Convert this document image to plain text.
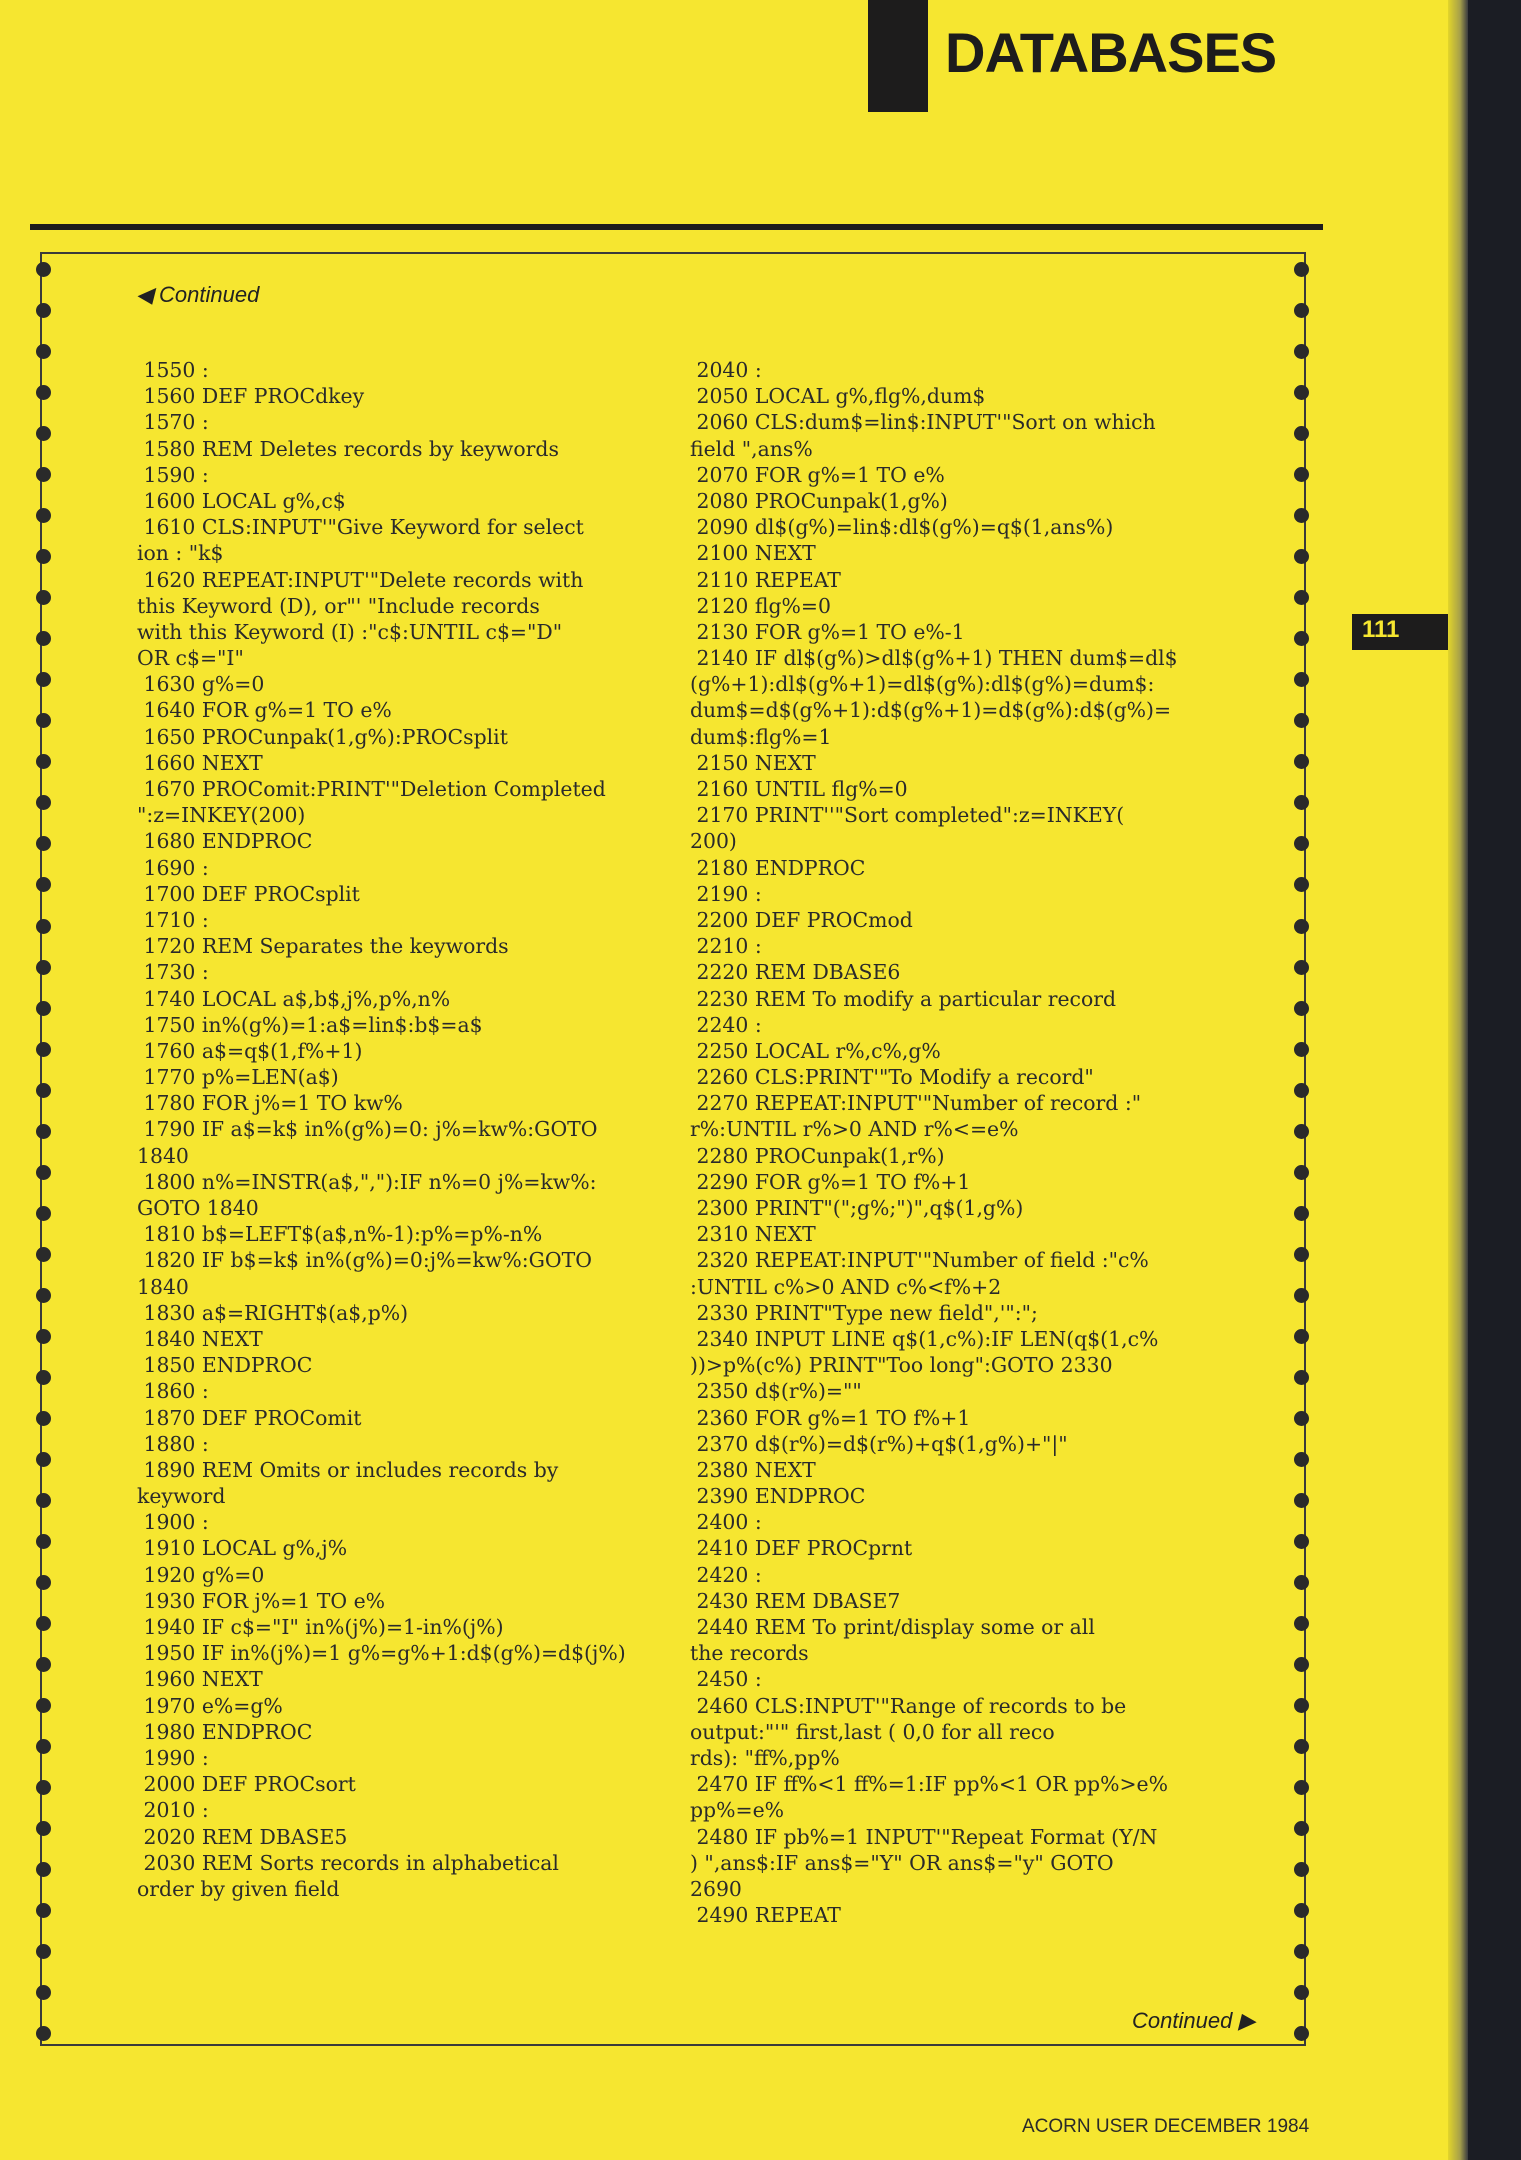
DATABASES
◀ Continued
1550 :
1560 DEF PROCdkey
1570 :
1580 REM Deletes records by keywords
1590 :
1600 LOCAL g%,c$
1610 CLS:INPUT'"Give Keyword for select
ion : "k$
1620 REPEAT:INPUT'"Delete records with
this Keyword (D), or"' "Include records
with this Keyword (I) :"c$:UNTIL c$="D"
OR c$="I"
1630 g%=0
1640 FOR g%=1 TO e%
1650 PROCunpak(1,g%):PROCsplit
1660 NEXT
1670 PROComit:PRINT'"Deletion Completed
":z=INKEY(200)
1680 ENDPROC
1690 :
1700 DEF PROCsplit
1710 :
1720 REM Separates the keywords
1730 :
1740 LOCAL a$,b$,j%,p%,n%
1750 in%(g%)=1:a$=lin$:b$=a$
1760 a$=q$(1,f%+1)
1770 p%=LEN(a$)
1780 FOR j%=1 TO kw%
1790 IF a$=k$ in%(g%)=0: j%=kw%:GOTO
1840
1800 n%=INSTR(a$,","):IF n%=0 j%=kw%:
GOTO 1840
1810 b$=LEFT$(a$,n%-1):p%=p%-n%
1820 IF b$=k$ in%(g%)=0:j%=kw%:GOTO
1840
1830 a$=RIGHT$(a$,p%)
1840 NEXT
1850 ENDPROC
1860 :
1870 DEF PROComit
1880 :
1890 REM Omits or includes records by
keyword
1900 :
1910 LOCAL g%,j%
1920 g%=0
1930 FOR j%=1 TO e%
1940 IF c$="I" in%(j%)=1-in%(j%)
1950 IF in%(j%)=1 g%=g%+1:d$(g%)=d$(j%)
1960 NEXT
1970 e%=g%
1980 ENDPROC
1990 :
2000 DEF PROCsort
2010 :
2020 REM DBASE5
2030 REM Sorts records in alphabetical
order by given field
2040 :
2050 LOCAL g%,flg%,dum$
2060 CLS:dum$=lin$:INPUT'"Sort on which
field ",ans%
2070 FOR g%=1 TO e%
2080 PROCunpak(1,g%)
2090 dl$(g%)=lin$:dl$(g%)=q$(1,ans%)
2100 NEXT
2110 REPEAT
2120 flg%=0
2130 FOR g%=1 TO e%-1
2140 IF dl$(g%)>dl$(g%+1) THEN dum$=dl$
(g%+1):dl$(g%+1)=dl$(g%):dl$(g%)=dum$:
dum$=d$(g%+1):d$(g%+1)=d$(g%):d$(g%)=
dum$:flg%=1
2150 NEXT
2160 UNTIL flg%=0
2170 PRINT''"Sort completed":z=INKEY(
200)
2180 ENDPROC
2190 :
2200 DEF PROCmod
2210 :
2220 REM DBASE6
2230 REM To modify a particular record
2240 :
2250 LOCAL r%,c%,g%
2260 CLS:PRINT'"To Modify a record"
2270 REPEAT:INPUT'"Number of record :"
r%:UNTIL r%>0 AND r%<=e%
2280 PROCunpak(1,r%)
2290 FOR g%=1 TO f%+1
2300 PRINT"(";g%;")",q$(1,g%)
2310 NEXT
2320 REPEAT:INPUT'"Number of field :"c%
:UNTIL c%>0 AND c%<f%+2
2330 PRINT"Type new field",'":";
2340 INPUT LINE q$(1,c%):IF LEN(q$(1,c%
))>p%(c%) PRINT"Too long":GOTO 2330
2350 d$(r%)=""
2360 FOR g%=1 TO f%+1
2370 d$(r%)=d$(r%)+q$(1,g%)+"|"
2380 NEXT
2390 ENDPROC
2400 :
2410 DEF PROCprnt
2420 :
2430 REM DBASE7
2440 REM To print/display some or all
the records
2450 :
2460 CLS:INPUT'"Range of records to be
output:"'" first,last ( 0,0 for all reco
rds): "ff%,pp%
2470 IF ff%<1 ff%=1:IF pp%<1 OR pp%>e%
pp%=e%
2480 IF pb%=1 INPUT'"Repeat Format (Y/N
) ",ans$:IF ans$="Y" OR ans$="y" GOTO
2690
2490 REPEAT
Continued ▶
111
ACORN USER DECEMBER 1984
